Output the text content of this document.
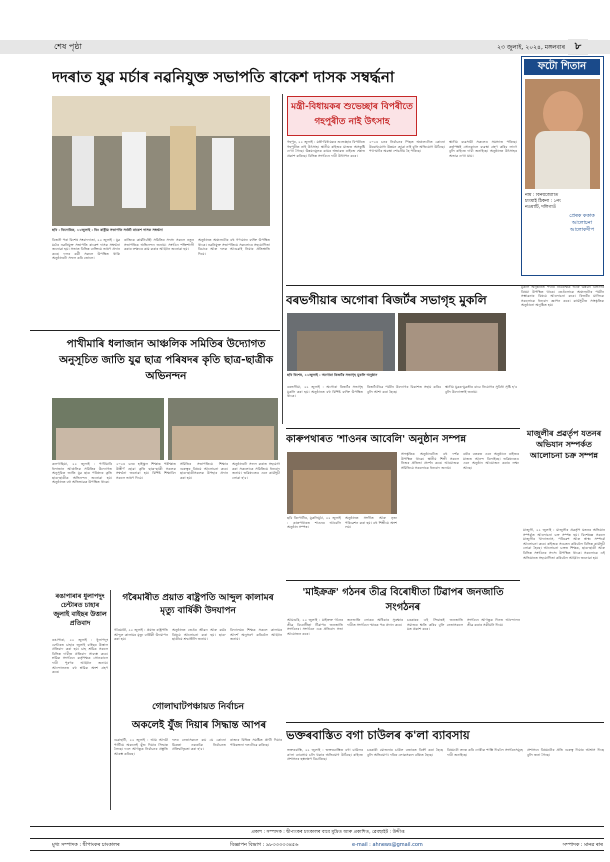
শেষ পৃষ্ঠা	২৩ জুলাই, ২০২৪, মঙ্গলবাৰ ৮
দদৰাত যুৱ মৰ্চাৰ নৱনিযুক্ত সভাপতি ৰাকেশ দাসক সম্বৰ্দ্ধনা
ফটো শিতান
নাম : বিনয়জ্যোতি চাংমাই ঠিকনা : ১নং নওমাটি, দলিগাওঁ
প্ৰেৰক ককাক আলোচনা আলোকদীপ
ছবি : বিনোৰিক, ২২জুলাই : বিঃ ৰাষ্ট্ৰীয় সভাপতি সৰ্বশ্ৰী ৰাকেশ দাসক সম্বৰ্দ্ধনা
মন্ত্ৰী-বিধায়কৰ শুভেচ্ছাৰ বিপৰীতে গহপুৰীত নাই উৎসাহ
বিজনী পৰা বিশেষ সংবাদদাতা, ২২ জুলাই : যুৱ মৰ্চাৰ নৱনিযুক্ত সভাপতি ৰাকেশ দাসক সম্বৰ্দ্ধনা জনোৱা হয়। সভাত বিভিন্ন ব্যক্তিয়ে ভাষণ প্ৰদান কৰে। দলৰ কৰ্মী সকলে উপস্থিত থাকি অনুষ্ঠানটো সফল কৰি তোলে।
ৰাজ্যিক কাৰ্যনিৰ্বাহী সমিতিৰ সদস্য সকলে নতুন সভাপতিক অভিনন্দন জনায়। সংগঠন শক্তিশালী কৰাৰ লক্ষ্যৰে কাম কৰাৰ আহ্বান জনোৱা হয়।
অনুষ্ঠানত অঞ্চলটোৰ বহু গণ্যমান্য ব্যক্তি উপস্থিত থাকে। নৱনিযুক্ত সভাপতিয়ে সকলোৰে সহযোগিতা বিচাৰে আৰু দলক আগুৱাই নিয়াৰ প্ৰতিশ্ৰুতি দিয়ে।
গহপুৰ, ২২ জুলাই : মন্ত্ৰী-বিধায়কৰ শুভেচ্ছাৰ বিপৰীতে গহপুৰীত নাই উৎসাহ। স্থানীয় ৰাইজৰ মাজত অসন্তুষ্টি দেখা গৈছে। উন্নয়নমূলক কামৰ অভাৱত ৰাইজে ক্ষোভ প্ৰকাশ কৰিছে। বিভিন্ন সংগঠনে দাবী উত্থাপন কৰে।
২০২৪ চনৰ নিৰ্বাচনৰ পিছত অঞ্চলটোত কোনো উল্লেখযোগ্য উন্নয়ন হোৱা নাই বুলি অভিযোগ উঠিছে। পথ-ঘাটৰ অৱস্থা শোচনীয় হৈ পৰিছে।
স্থানীয় ব্যৱসায়ী সকলেও সমস্যাত পৰিছে। কৰ্তৃপক্ষই সোনকালে ব্যৱস্থা গ্ৰহণ কৰিব লাগে বুলি ৰাইজে দাবী জনাইছে। অনুষ্ঠানত উৎসাহৰ অভাৱ দেখা যায়।
বৰভগীয়াৰ অগোৰা ৰিজৰ্টৰ সভাগৃহ মুকলি
ছবি বিশেষ, ২২জুলাই : অগোৰা ৰিজৰ্টৰ সভাগৃহ মুকলি অনুষ্ঠান
বৰভগীয়া, ২২ জুলাই : অগোৰা ৰিজৰ্টৰ সভাগৃহ মুকলি কৰা হয়। অনুষ্ঠানত বহু বিশিষ্ট ব্যক্তি উপস্থিত থাকে।
ৰিজৰ্টটোৱে পৰ্যটন উদ্যোগৰ বিকাশত সহায় কৰিব বুলি আশা কৰা হৈছে।
স্থানীয় যুৱক-যুৱতীৰ বাবে নিয়োগৰ সুবিধা সৃষ্টি হ'ব বুলি উদ্যোক্তাই জনায়।
মুকলি অনুষ্ঠানত পথাৰ নিবৰীক্ষক আৰু উন্নয়ন বিভাগৰ বিষয়া উপস্থিত থাকে। তেওঁলোকে অঞ্চলটোৰ পৰ্যটন সম্ভাৱনাৰ বিষয়ে আলোচনা কৰে। ৰিজৰ্টৰ মালিকে সকলোকে ধন্যবাদ জ্ঞাপন কৰে। কাৰ্যসূচীত সাংস্কৃতিক অনুষ্ঠানো অনুষ্ঠিত হয়।
পাখীমাৰি ধলাজান আঞ্চলিক সমিতিৰ উদ্যোগত অনুসূচিত জাতি যুৱ ছাত্ৰ পৰিষদৰ কৃতি ছাত্ৰ-ছাত্ৰীক অভিনন্দন
কলগাছিয়া, ২২ জুলাই : পাখীমাৰি ধলাজান আঞ্চলিক সমিতিৰ উদ্যোগত অনুসূচিত জাতি যুৱ ছাত্ৰ পৰিষদৰ কৃতি ছাত্ৰ-ছাত্ৰীক অভিনন্দন জনোৱা হয়। অনুষ্ঠানত বহু অভিভাৱক উপস্থিত থাকে।
২০২৪ চনৰ হাইস্কুল শিক্ষান্ত পৰীক্ষাত উত্তীৰ্ণ হোৱা কৃতি ছাত্ৰ-ছাত্ৰী সকলক সম্বৰ্দ্ধনা জনোৱা হয়। বিশিষ্ট শিক্ষাবিদ সকলে ভাষণ দিয়ে।
সমিতিৰ সভাপতিয়ে শিক্ষাৰ গুৰুত্বৰ বিষয়ে আলোচনা কৰে। ছাত্ৰ-ছাত্ৰীসকলক উপহাৰ প্ৰদান কৰা হয়।
অনুষ্ঠানটো সফল কৰাত সহযোগ কৰা সকলোকে সমিতিয়ে ধন্যবাদ জনায়। ভৱিষ্যতেও এনে কাৰ্যসূচী লোৱা হ'ব।
কাৰুপথাৰত 'শাওনৰ আবেলি' অনুষ্ঠান সম্পন্ন
ছবি ৰিপোৰ্টাৰ, মুকলিমুঠা, ২২ জুলাই : কাৰুপথাৰত শাওনৰ আবেলি অনুষ্ঠান সম্পন্ন।
অনুষ্ঠানত সংগীত আৰু নৃত্য পৰিৱেশন কৰা হয়। বহু শিল্পীয়ে অংশ লয়।
সাংস্কৃতিক অনুষ্ঠানটোত বহু দৰ্শক উপস্থিত থাকে। স্থানীয় শিল্পী সকলে নিজৰ প্ৰতিভা প্ৰদৰ্শন কৰে। আয়োজক সমিতিয়ে সকলোকে ধন্যবাদ জনায়।
বৰ্ষাৰ বতৰত এনে অনুষ্ঠানে ৰাইজৰ মাজত আনন্দ বিলাইছে। ভৱিষ্যতেও এনে অনুষ্ঠান আয়োজন কৰাৰ লক্ষ্য আছে।
মাজুলীৰ প্ৰৱৰ্তৃপ যতনৰ অভিযান সম্পৰ্কত আলোচনা চক্ৰ সম্পন্ন
মাজুলী, ২২ জুলাই : মাজুলীৰ প্ৰৱৰ্তৃপ যতনৰ অভিযান সম্পৰ্কত আলোচনা চক্ৰ সম্পন্ন হয়। বিশেষজ্ঞ সকলে মাজুলীৰ খাদ্যাভ্যাস, পৰিৱেশ আৰু স্বাস্থ্য সম্পৰ্কে আলোচনা কৰে। ৰাইজক সচেতন কৰিবলৈ বিভিন্ন কাৰ্যসূচী লোৱা হৈছে। আলোচনা চক্ৰত শিক্ষক, ছাত্ৰ-ছাত্ৰী আৰু বিভিন্ন সংগঠনৰ সদস্য উপস্থিত থাকে। সকলোকে এই অভিযানত সহযোগিতা কৰিবলৈ আহ্বান জনোৱা হয়।
'মাইক্ৰক্ৰ' গঠনৰ তীব্ৰ বিৰোধীতা টিৱাপৰ জনজাতি সংগঠনৰ
আমগুৰি, ২২ জুলাই : মাইক্ৰক্ৰ গঠনৰ তীব্ৰ বিৰোধীতা টিৱাপৰ জনজাতি সংগঠনৰ। সংগঠনে এক প্ৰতিবাদ সভা আয়োজন কৰে।
জনজাতি লোকৰ অধিকাৰ সুৰক্ষাৰ দাবীত সংগঠনে স্মাৰক পত্ৰ প্ৰদান কৰে।
চৰকাৰৰ এই সিদ্ধান্তই জনজাতি সমাজৰ ক্ষতি কৰিব বুলি নেতাসকলে মত প্ৰকাশ কৰে।
সংগঠনে আগন্তুক দিনত আন্দোলন তীব্ৰ কৰাৰ সকীয়নি দিয়ে।
ৰঙাপাৰাৰ ধুলাপদুং চেন্টাৰত চাহাৰ জুলাই বাইছৰ উত্তাল প্ৰতিবাদ
ৰঙাপাৰা, ২২ জুলাই : ধুলাপদুং চেন্টাৰত চাহাৰ জুলাই বাইছৰ উত্তাল প্ৰতিবাদ কৰা হয়। চাহ শ্ৰমিক সকলে বিভিন্ন দাবীত প্ৰতিবাদ সাব্যস্ত কৰে। শ্ৰমিক সংগঠনে কৰ্তৃপক্ষক সোনকালে দাবী পূৰণৰ আহ্বান জনায়। আন্দোলনত বহু শ্ৰমিক অংশ গ্ৰহণ কৰে।
গৰৈমাৰীত প্ৰয়াত ৰাষ্ট্ৰপতি আব্দুল কালামৰ মৃত্যু বাৰ্ষিকী উদযাপন
গৰৈমাৰী, ২২ জুলাই : প্ৰয়াত ৰাষ্ট্ৰপতি আব্দুল কালামৰ মৃত্যু বাৰ্ষিকী উদযাপন কৰা হয়।
অনুষ্ঠানত তেওঁৰ জীৱন আৰু কৰ্মৰ বিষয়ে আলোচনা কৰা হয়। ছাত্ৰ-ছাত্ৰীয়ে শ্ৰদ্ধাঞ্জলি জনায়।
বিদ্যালয়ৰ শিক্ষক সকলে কালামৰ আদৰ্শ অনুসৰণ কৰিবলৈ আহ্বান জনায়।
গোলাঘাটপঞ্চায়ত নিৰ্বাচন
অকলেই যুঁজ দিয়াৰ সিদ্ধান্ত আপৰ
গুৱাহাটী, ২২ জুলাই : আম আদমী পাৰ্টিয়ে অকলেই যুঁজ দিয়াৰ সিদ্ধান্ত লৈছে। দলে আগন্তুক নিৰ্বাচনৰ প্ৰস্তুতি আৰম্ভ কৰিছে।
দলৰ নেতাসকলে কয় যে কোনো মিত্ৰতা নকৰাকৈ নিৰ্বাচনত প্ৰতিদ্বন্দ্বিতা কৰা হ'ব।
ৰাজ্যৰ বিভিন্ন সমষ্টিত প্ৰাৰ্থী দিয়াৰ পৰিকল্পনা দলটোৱে কৰিছে।
ভক্তৰবাস্তিত বগা চাউলৰ ক'লা ব্যাবসায়
ভক্তৰবাস্তি, ২২ জুলাই : ভক্তৰবাস্তিত বগা চাউলৰ ক'লা ব্যাবসায় চলি থকাৰ অভিযোগ উঠিছে। ৰাইজে প্ৰশাসনৰ হস্তক্ষেপ বিচাৰিছে।
চৰকাৰী যোজনাৰ চাউল বজাৰত বিক্ৰী কৰা হৈছে বুলি অভিযোগ। দৰিদ্ৰ লোকসকল বঞ্চিত হৈছে।
বিষয়টো তদন্ত কৰি দোষীক শাস্তি দিবলৈ সংগঠনসমূহে দাবী জনাইছে।
প্ৰশাসনে বিষয়টোৰ প্ৰতি গুৰুত্ব দিয়াৰ আশ্বাস দিছে বুলি জনা গৈছে।
প্ৰকাশ : সম্পাদক : দ্বীপাংকৰ চাংকালৰ বাবে মুদ্ৰিত আৰু প্ৰকাশিত, ৱেবছাইট : উদ্দীপ্ত
মুখ্য সম্পাদক : দ্বীপাংকৰ চাংকালৰ	বিজ্ঞাপন বিভাগ : ৯৮৩৩৩৩৩৪৫৬	e-mail : ahnews@gmail.com	সম্পাদক : মানৱ ৰাৰ
